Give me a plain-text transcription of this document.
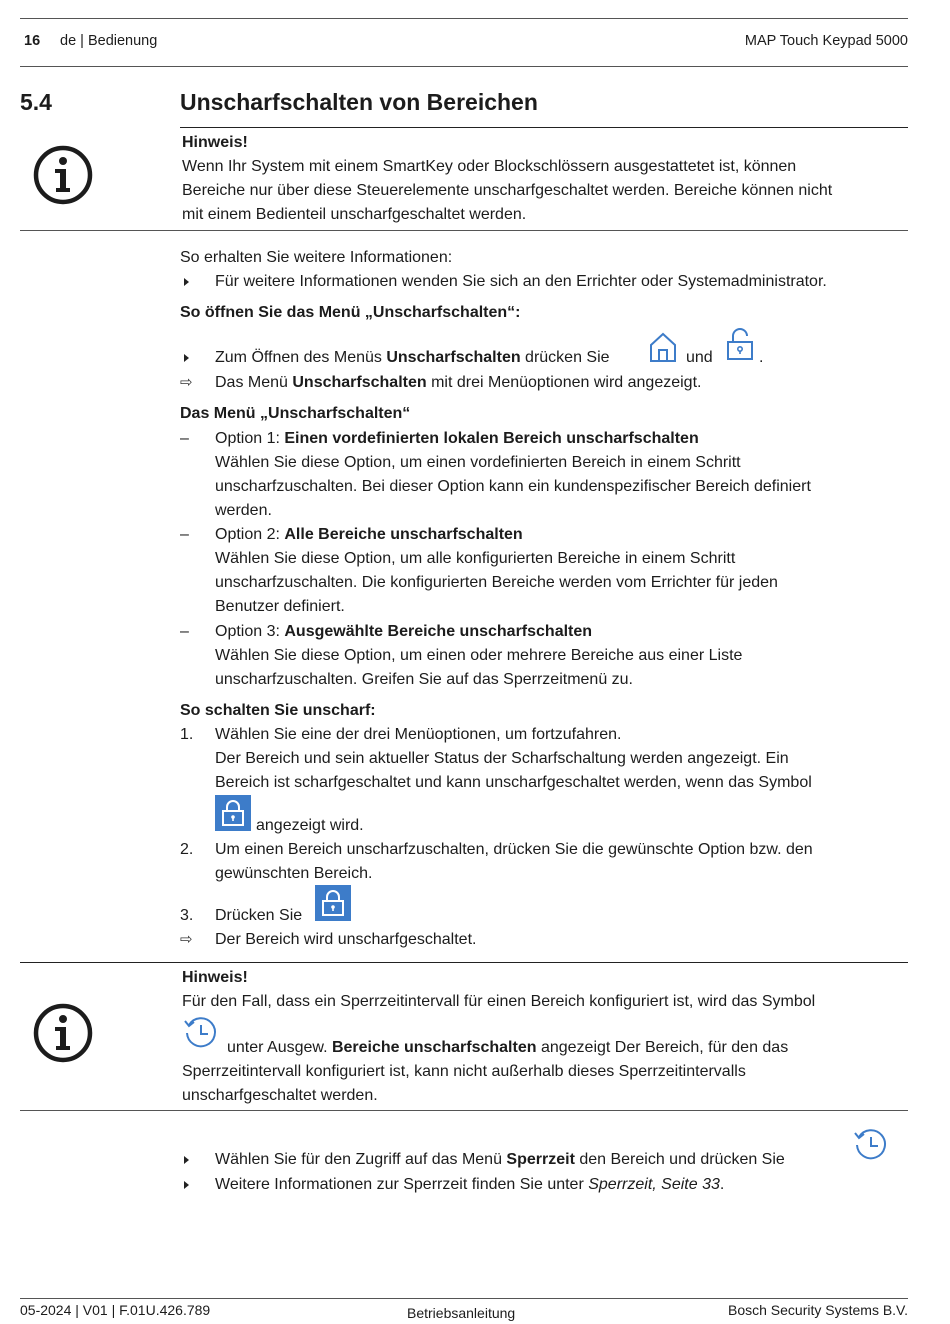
16 de | Bedienung	MAP Touch Keypad 5000
5.4	Unscharfschalten von Bereichen
Hinweis!
Wenn Ihr System mit einem SmartKey oder Blockschlössern ausgestattetet ist, können
Bereiche nur über diese Steuerelemente unscharfgeschaltet werden. Bereiche können nicht
mit einem Bedienteil unscharfgeschaltet werden.
So erhalten Sie weitere Informationen:
Für weitere Informationen wenden Sie sich an den Errichter oder Systemadministrator.
So öffnen Sie das Menü „Unscharfschalten“:
Zum Öffnen des Menüs Unscharfschalten drücken Sie	und	.
⇨ Das Menü Unscharfschalten mit drei Menüoptionen wird angezeigt.
Das Menü „Unscharfschalten“
– Option 1: Einen vordefinierten lokalen Bereich unscharfschalten
Wählen Sie diese Option, um einen vordefinierten Bereich in einem Schritt
unscharfzuschalten. Bei dieser Option kann ein kundenspezifischer Bereich definiert
werden.
– Option 2: Alle Bereiche unscharfschalten
Wählen Sie diese Option, um alle konfigurierten Bereiche in einem Schritt
unscharfzuschalten. Die konfigurierten Bereiche werden vom Errichter für jeden
Benutzer definiert.
– Option 3: Ausgewählte Bereiche unscharfschalten
Wählen Sie diese Option, um einen oder mehrere Bereiche aus einer Liste
unscharfzuschalten. Greifen Sie auf das Sperrzeitmenü zu.
So schalten Sie unscharf:
1. Wählen Sie eine der drei Menüoptionen, um fortzufahren.
Der Bereich und sein aktueller Status der Scharfschaltung werden angezeigt. Ein
Bereich ist scharfgeschaltet und kann unscharfgeschaltet werden, wenn das Symbol
angezeigt wird.
2. Um einen Bereich unscharfzuschalten, drücken Sie die gewünschte Option bzw. den
gewünschten Bereich.
3. Drücken Sie
⇨ Der Bereich wird unscharfgeschaltet.
Hinweis!
Für den Fall, dass ein Sperrzeitintervall für einen Bereich konfiguriert ist, wird das Symbol
unter Ausgew. Bereiche unscharfschalten angezeigt Der Bereich, für den das
Sperrzeitintervall konfiguriert ist, kann nicht außerhalb dieses Sperrzeitintervalls
unscharfgeschaltet werden.
Wählen Sie für den Zugriff auf das Menü Sperrzeit den Bereich und drücken Sie
Weitere Informationen zur Sperrzeit finden Sie unter Sperrzeit, Seite 33.
05-2024 | V01 | F.01U.426.789	Betriebsanleitung	Bosch Security Systems B.V.
